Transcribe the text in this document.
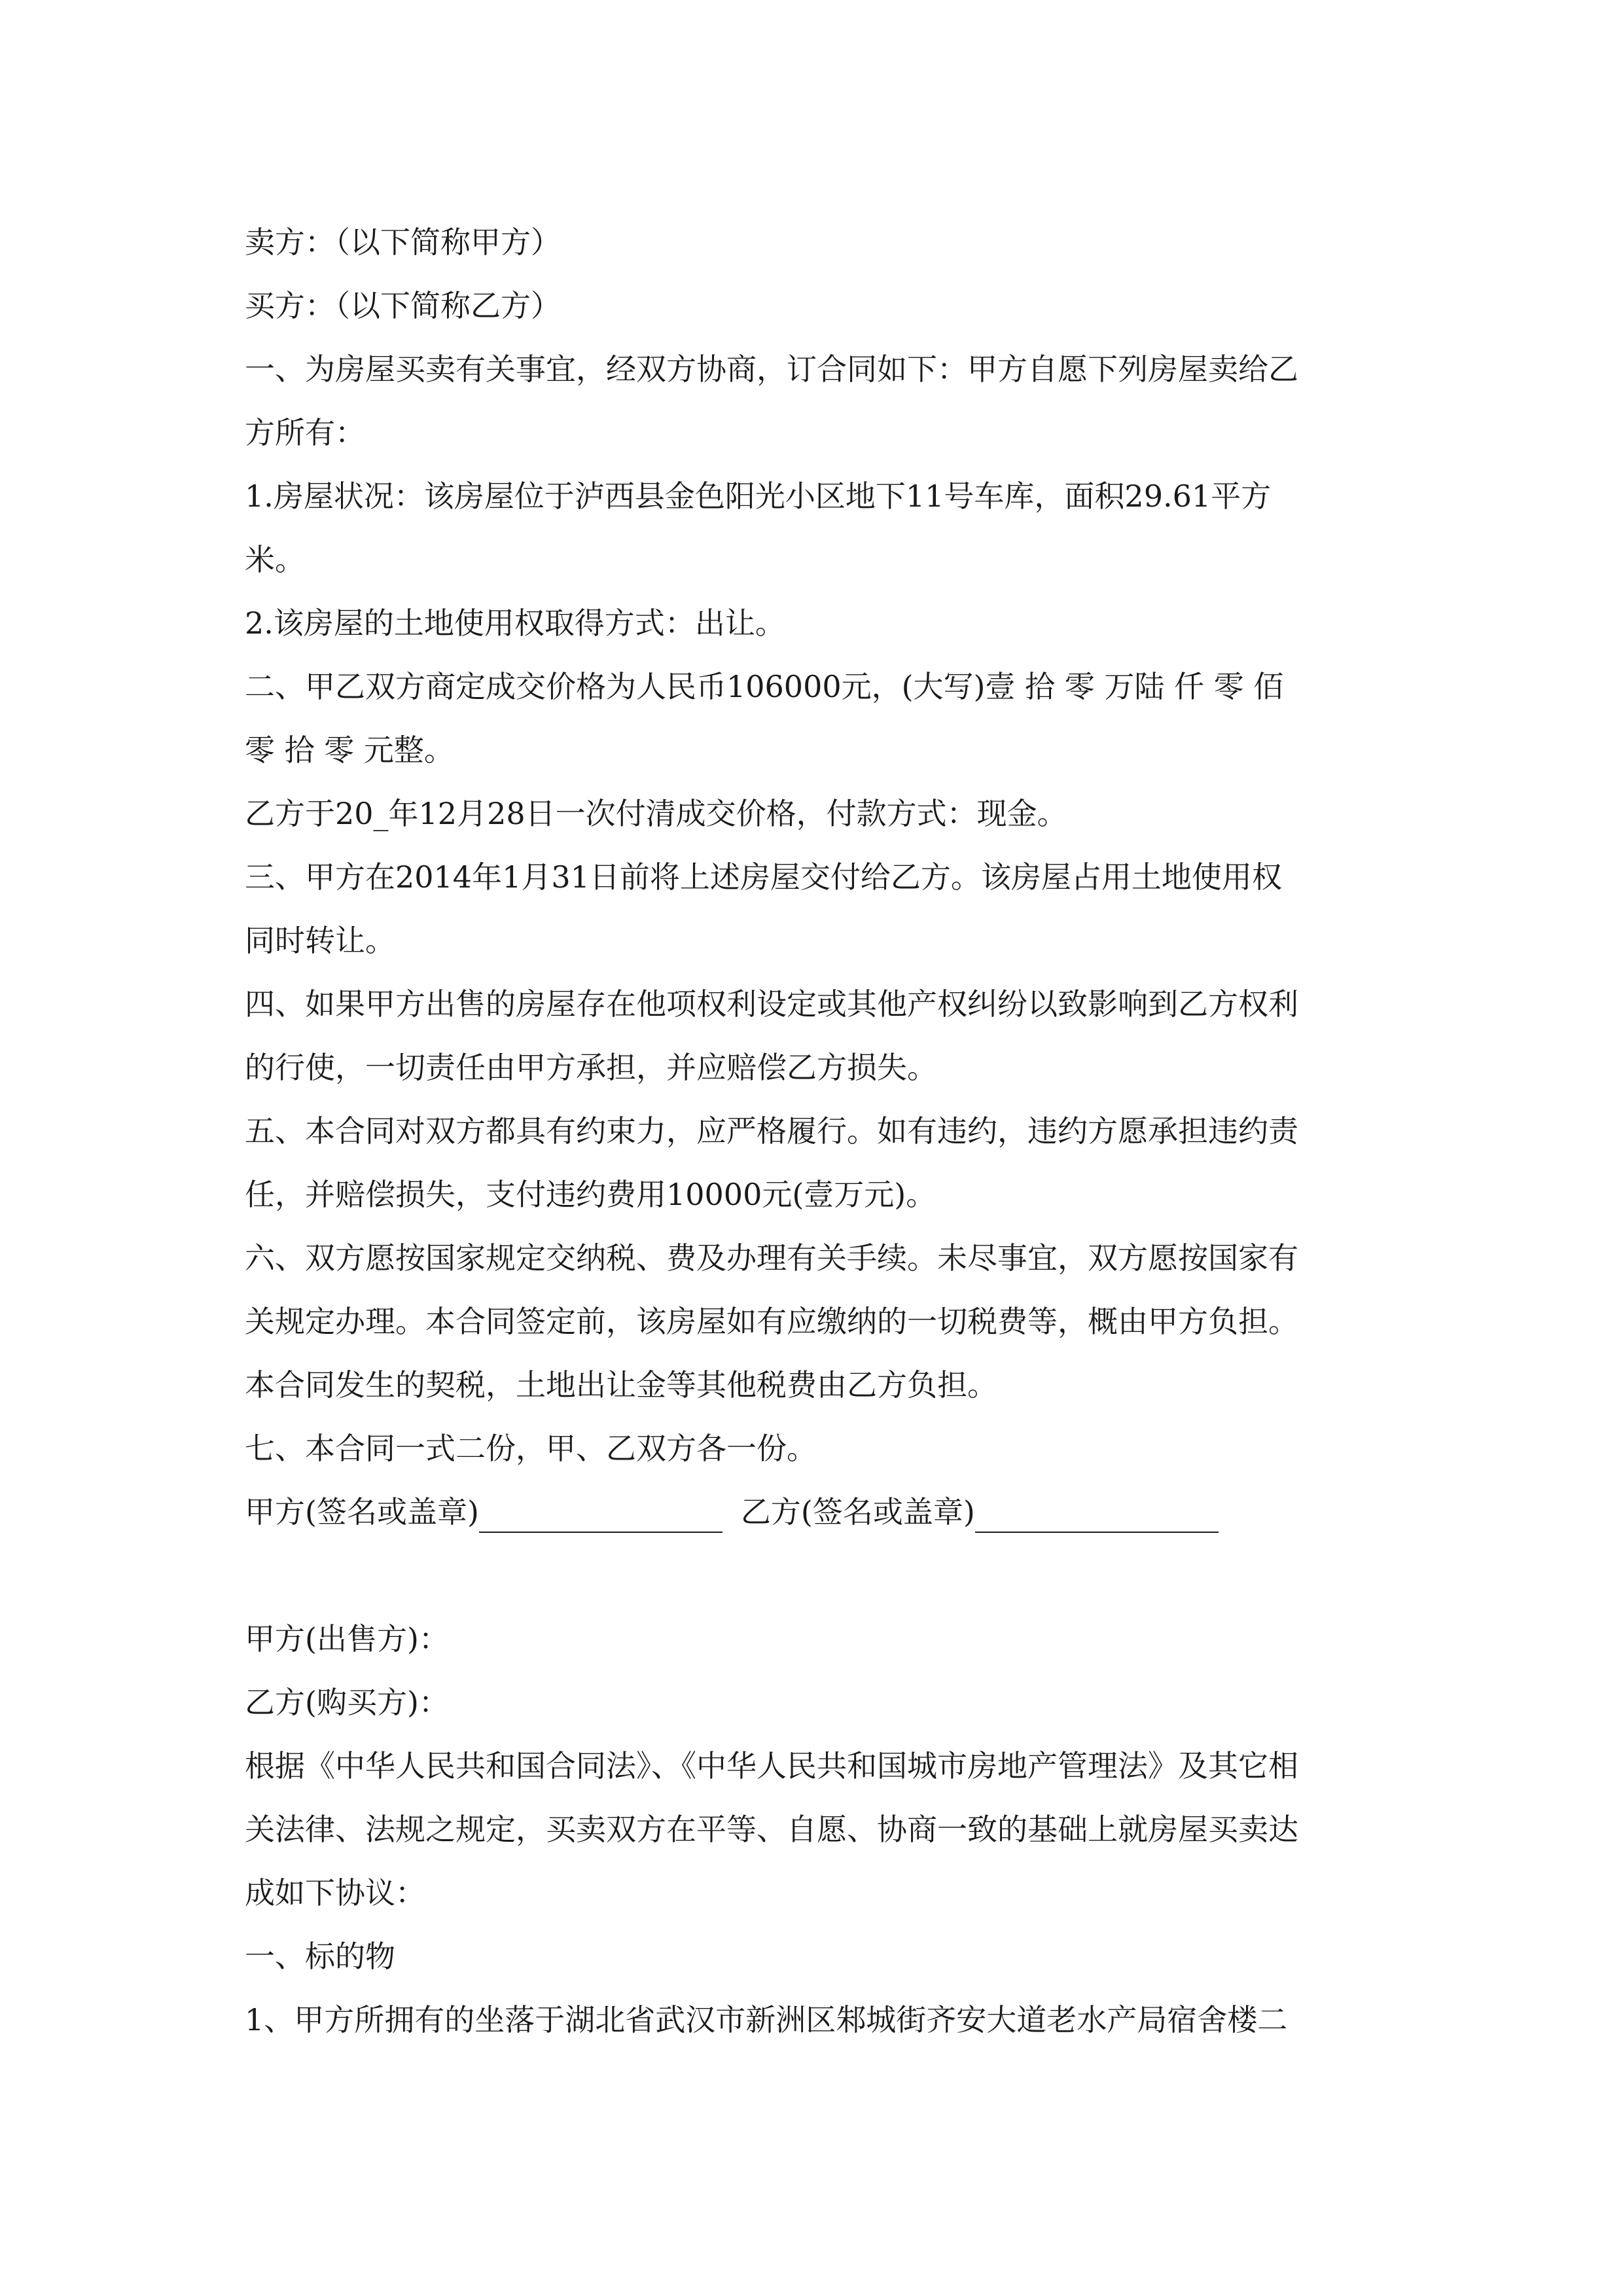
卖方：（以下简称甲方）
买方：（以下简称乙方）
一、为房屋买卖有关事宜，经双方协商，订合同如下：甲方自愿下列房屋卖给乙
方所有：
1.房屋状况：该房屋位于泸西县金色阳光小区地下11号车库，面积29.61平方
米。
2.该房屋的土地使用权取得方式：出让。
二、甲乙双方商定成交价格为人民币106000元，(大写)壹 拾 零 万陆 仟 零 佰
零 拾 零 元整。
乙方于20_年12月28日一次付清成交价格，付款方式：现金。
三、甲方在2014年1月31日前将上述房屋交付给乙方。该房屋占用土地使用权
同时转让。
四、如果甲方出售的房屋存在他项权利设定或其他产权纠纷以致影响到乙方权利
的行使，一切责任由甲方承担，并应赔偿乙方损失。
五、本合同对双方都具有约束力，应严格履行。如有违约，违约方愿承担违约责
任，并赔偿损失，支付违约费用10000元(壹万元)。
六、双方愿按国家规定交纳税、费及办理有关手续。未尽事宜，双方愿按国家有
关规定办理。本合同签定前，该房屋如有应缴纳的一切税费等，概由甲方负担。
本合同发生的契税，土地出让金等其他税费由乙方负担。
七、本合同一式二份，甲、乙双方各一份。
甲方(签名或盖章)	乙方(签名或盖章)
甲方(出售方)：
乙方(购买方)：
根据《中华人民共和国合同法》、《中华人民共和国城市房地产管理法》及其它相
关法律、法规之规定，买卖双方在平等、自愿、协商一致的基础上就房屋买卖达
成如下协议：
一、标的物
1、甲方所拥有的坐落于湖北省武汉市新洲区邾城街齐安大道老水产局宿舍楼二
